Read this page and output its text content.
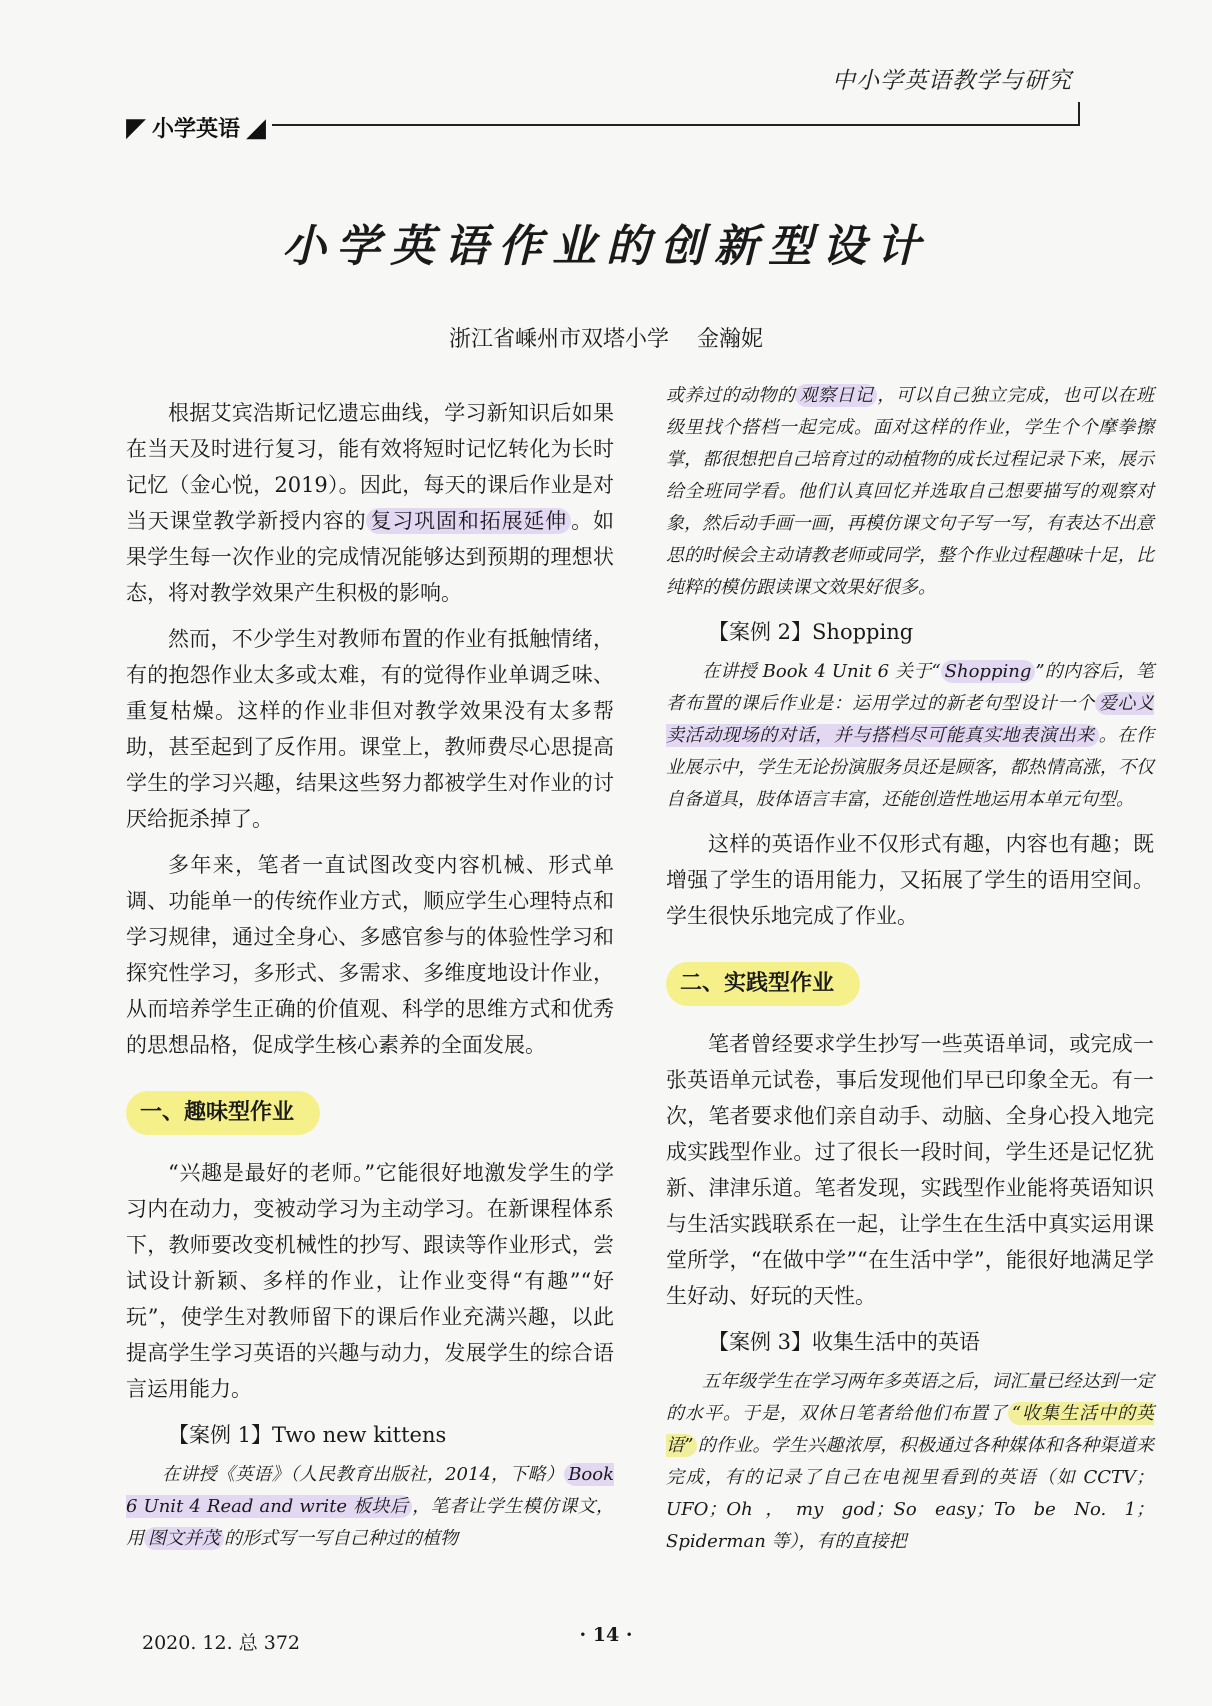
中小学英语教学与研究
◤ 小学英语 ◢
小学英语作业的创新型设计
浙江省嵊州市双塔小学 金瀚妮

根据艾宾浩斯记忆遗忘曲线，学习新知识后如果在当天及时进行复习，能有效将短时记忆转化为长时记忆（金心悦，2019）。因此，每天的课后作业是对当天课堂教学新授内容的 复习巩固和拓展延伸 。如果学生每一次作业的完成情况能够达到预期的理想状态，将对教学效果产生积极的影响。

然而，不少学生对教师布置的作业有抵触情绪，有的抱怨作业太多或太难，有的觉得作业单调乏味、重复枯燥。这样的作业非但对教学效果没有太多帮助，甚至起到了反作用。课堂上，教师费尽心思提高学生的学习兴趣，结果这些努力都被学生对作业的讨厌给扼杀掉了。

多年来，笔者一直试图改变内容机械、形式单调、功能单一的传统作业方式，顺应学生心理特点和学习规律，通过全身心、多感官参与的体验性学习和探究性学习，多形式、多需求、多维度地设计作业，从而培养学生正确的价值观、科学的思维方式和优秀的思想品格，促成学生核心素养的全面发展。

一、趣味型作业

“兴趣是最好的老师。”它能很好地激发学生的学习内在动力，变被动学习为主动学习。在新课程体系下，教师要改变机械性的抄写、跟读等作业形式，尝试设计新颖、多样的作业，让作业变得“有趣”“好玩”，使学生对教师留下的课后作业充满兴趣，以此提高学生学习英语的兴趣与动力，发展学生的综合语言运用能力。

【案例 1】Two new kittens

在讲授《英语》（人民教育出版社，2014，下略） Book 6 Unit 4 Read and write 板块后 ，笔者让学生模仿课文，用 图文并茂 的形式写一写自己种过的植物

或养过的动物的 观察日记 ，可以自己独立完成，也可以在班级里找个搭档一起完成。面对这样的作业，学生个个摩拳擦掌，都很想把自己培育过的动植物的成长过程记录下来，展示给全班同学看。他们认真回忆并选取自己想要描写的观察对象，然后动手画一画，再模仿课文句子写一写，有表达不出意思的时候会主动请教老师或同学，整个作业过程趣味十足，比纯粹的模仿跟读课文效果好很多。

【案例 2】Shopping

在讲授 Book 4 Unit 6 关于“ Shopping ”的内容后，笔者布置的课后作业是：运用学过的新老句型设计一个 爱心义卖活动现场的对话，并与搭档尽可能真实地表演出来 。在作业展示中，学生无论扮演服务员还是顾客，都热情高涨，不仅自备道具，肢体语言丰富，还能创造性地运用本单元句型。

这样的英语作业不仅形式有趣，内容也有趣；既增强了学生的语用能力，又拓展了学生的语用空间。学生很快乐地完成了作业。

二、实践型作业

笔者曾经要求学生抄写一些英语单词，或完成一张英语单元试卷，事后发现他们早已印象全无。有一次，笔者要求他们亲自动手、动脑、全身心投入地完成实践型作业。过了很长一段时间，学生还是记忆犹新、津津乐道。笔者发现，实践型作业能将英语知识与生活实践联系在一起，让学生在生活中真实运用课堂所学，“在做中学”“在生活中学”，能很好地满足学生好动、好玩的天性。

【案例 3】收集生活中的英语

五年级学生在学习两年多英语之后，词汇量已经达到一定的水平。于是，双休日笔者给他们布置了 “收集生活中的英语” 的作业。学生兴趣浓厚，积极通过各种媒体和各种渠道来完成，有的记录了自己在电视里看到的英语（如 CCTV；UFO；Oh，my god；So easy；To be No. 1；Spiderman 等），有的直接把

2020. 12. 总 372	· 14 ·
